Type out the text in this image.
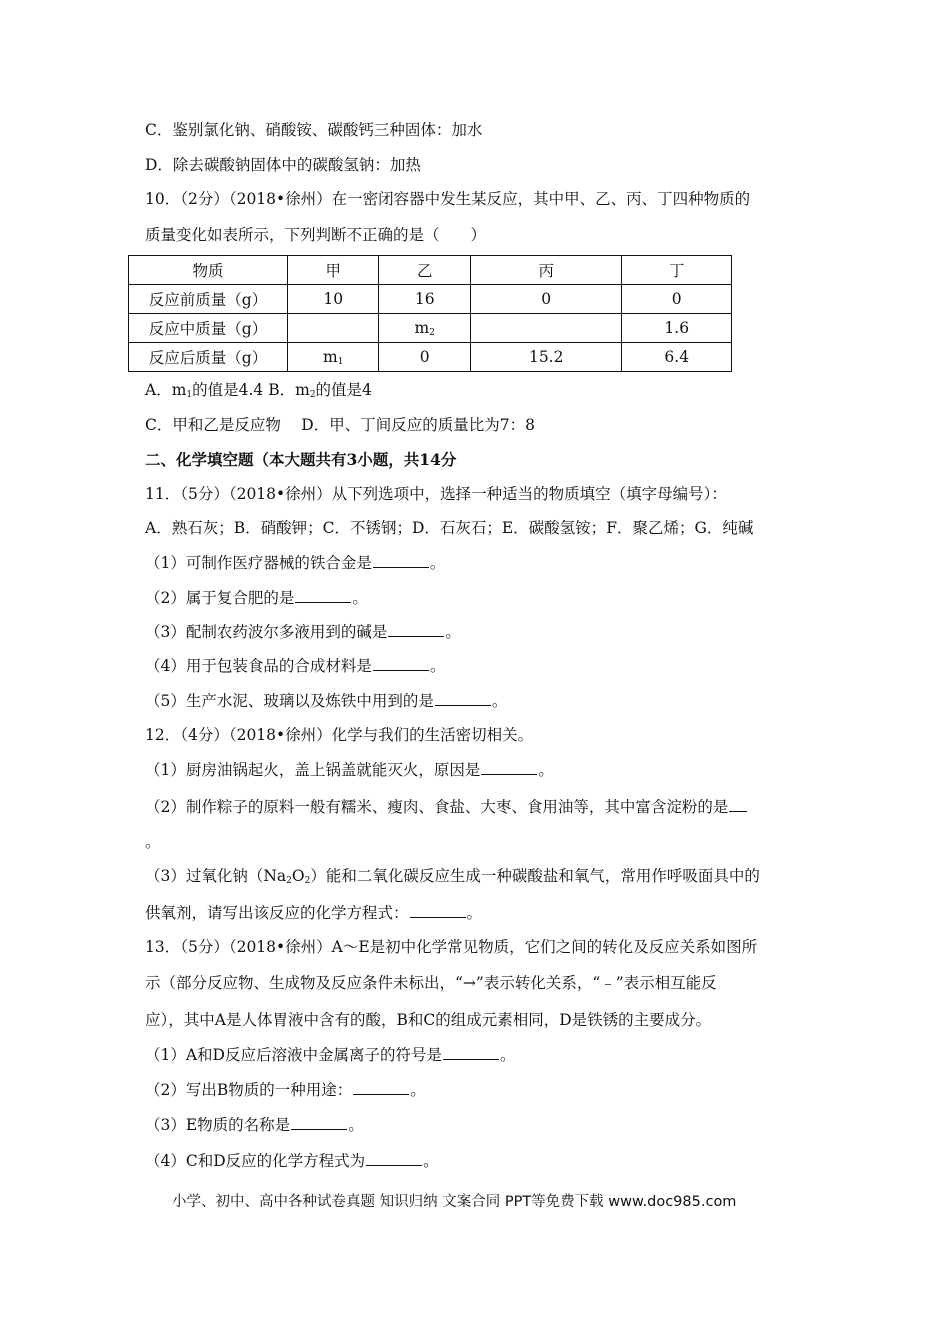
C．鉴别氯化钠、硝酸铵、碳酸钙三种固体：加水
D．除去碳酸钠固体中的碳酸氢钠：加热
10．（2分）（2018•徐州）在一密闭容器中发生某反应，其中甲、乙、丙、丁四种物质的
质量变化如表所示，下列判断不正确的是（　　）
物质	甲	乙	丙	丁
反应前质量（g）	10	16	0	0
反应中质量（g）		$m_2$		1.6
反应后质量（g）	$m_1$	0	15.2	6.4
A．$m_1$的值是4.4 B．$m_2$的值是4
C．甲和乙是反应物　 D．甲、丁间反应的质量比为7：8
二、化学填空题（本大题共有3小题，共14分
11．（5分）（2018•徐州）从下列选项中，选择一种适当的物质填空（填字母编号）：
A．熟石灰；B．硝酸钾；C．不锈钢；D．石灰石；E．碳酸氢铵；F．聚乙烯；G．纯碱
（1）可制作医疗器械的铁合金是	。
（2）属于复合肥的是	。
（3）配制农药波尔多液用到的碱是	。
（4）用于包装食品的合成材料是	。
（5）生产水泥、玻璃以及炼铁中用到的是	。
12．（4分）（2018•徐州）化学与我们的生活密切相关。
（1）厨房油锅起火，盖上锅盖就能灭火，原因是	。
（2）制作粽子的原料一般有糯米、瘦肉、食盐、大枣、食用油等，其中富含淀粉的是
。
（3）过氧化钠$(Na_2O_2)$能和二氧化碳反应生成一种碳酸盐和氧气，常用作呼吸面具中的
供氧剂，请写出该反应的化学方程式：	。
13．（5分）（2018•徐州）A～E是初中化学常见物质，它们之间的转化及反应关系如图所
示（部分反应物、生成物及反应条件未标出，“→”表示转化关系，“﹣”表示相互能反
应），其中A是人体胃液中含有的酸，B和C的组成元素相同，D是铁锈的主要成分。
（1）A和D反应后溶液中金属离子的符号是	。
（2）写出B物质的一种用途：	。
（3）E物质的名称是	。
（4）C和D反应的化学方程式为	。
小学、初中、高中各种试卷真题 知识归纳 文案合同 PPT等免费下载 www.doc985.com
